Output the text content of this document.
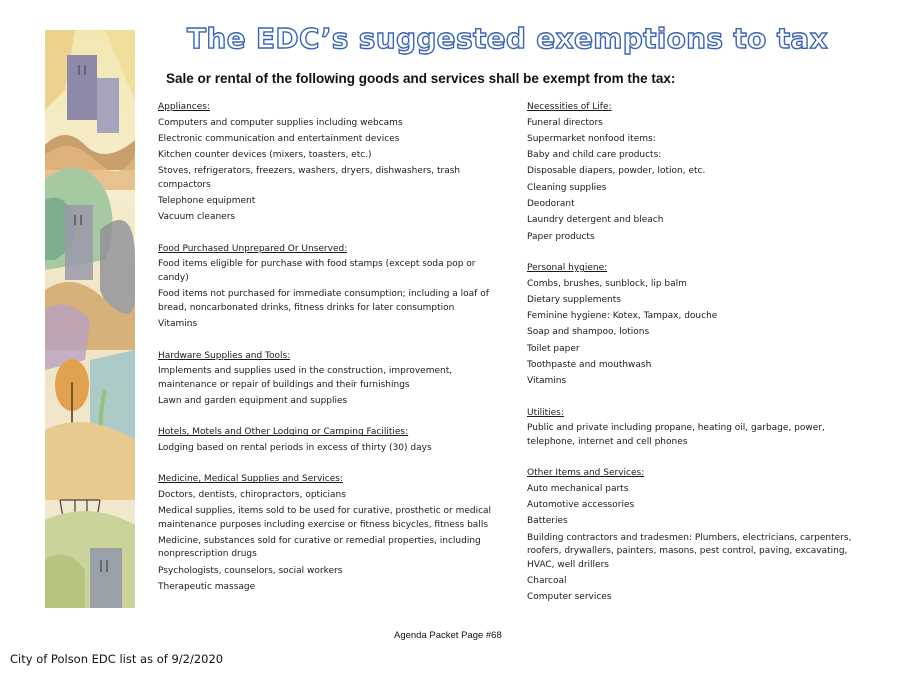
The EDC’s suggested exemptions to tax
Sale or rental of the following goods and services shall be exempt from the tax:
Appliances:
Computers and computer supplies including webcams
Electronic communication and entertainment devices
Kitchen counter devices (mixers, toasters, etc.)
Stoves, refrigerators, freezers, washers, dryers, dishwashers, trash compactors
Telephone equipment
Vacuum cleaners
Food Purchased Unprepared Or Unserved:
Food items eligible for purchase with food stamps (except soda pop or candy)
Food items not purchased for immediate consumption; including a loaf of bread, noncarbonated drinks, fitness drinks for later consumption
Vitamins
Hardware Supplies and Tools:
Implements and supplies used in the construction, improvement, maintenance or repair of buildings and their furnishings
Lawn and garden equipment and supplies
Hotels, Motels and Other Lodging or Camping Facilities:
Lodging based on rental periods in excess of thirty (30) days
Medicine, Medical Supplies and Services:
Doctors, dentists, chiropractors, opticians
Medical supplies, items sold to be used for curative, prosthetic or medical maintenance purposes including exercise or fitness bicycles, fitness balls
Medicine, substances sold for curative or remedial properties, including nonprescription drugs
Psychologists, counselors, social workers
Therapeutic massage
Necessities of Life:
Funeral directors
Supermarket nonfood items:
Baby and child care products:
Disposable diapers, powder, lotion, etc.
Cleaning supplies
Deodorant
Laundry detergent and bleach
Paper products
Personal hygiene:
Combs, brushes, sunblock, lip balm
Dietary supplements
Feminine hygiene: Kotex, Tampax, douche
Soap and shampoo, lotions
Toilet paper
Toothpaste and mouthwash
Vitamins
Utilities:
Public and private including propane, heating oil, garbage, power, telephone, internet and cell phones
Other Items and Services:
Auto mechanical parts
Automotive accessories
Batteries
Building contractors and tradesmen: Plumbers, electricians, carpenters, roofers, drywallers, painters, masons, pest control, paving, excavating, HVAC, well drillers
Charcoal
Computer services
Agenda Packet Page #68
City of Polson EDC list as of 9/2/2020
